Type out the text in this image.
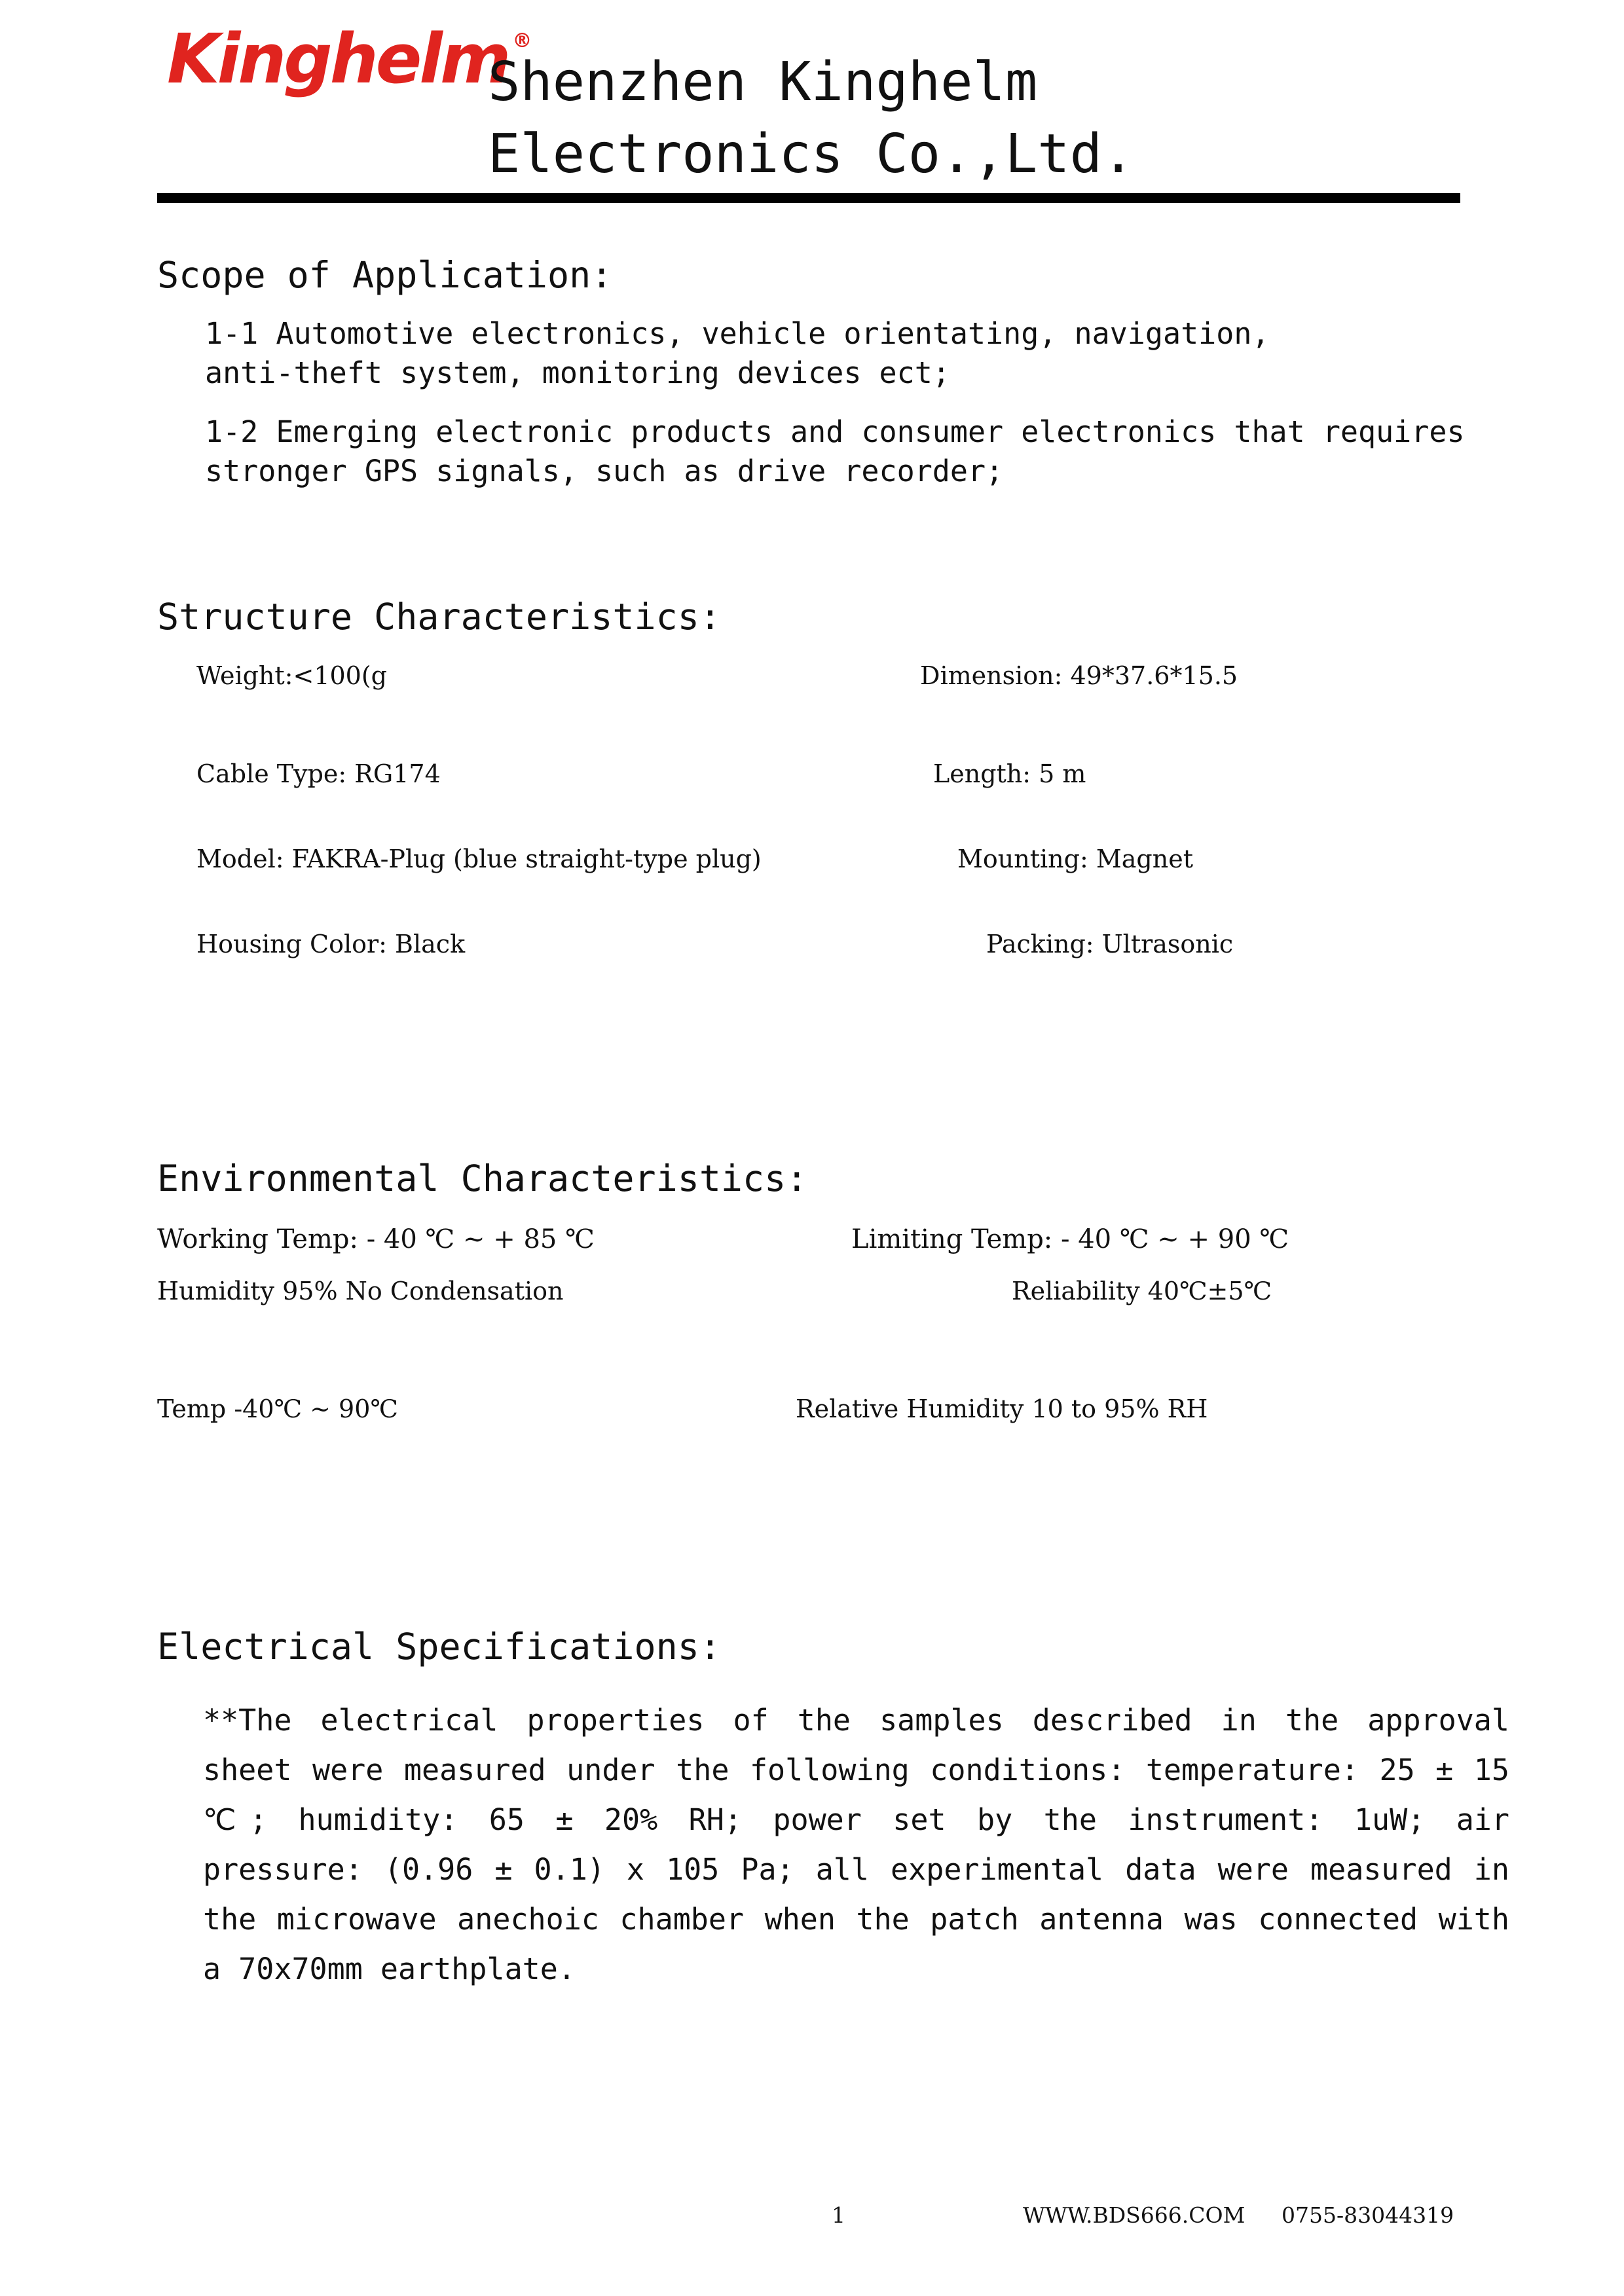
Kinghelm ®
Shenzhen Kinghelm
Electronics Co.,Ltd.
Scope of Application:
1-1 Automotive electronics, vehicle orientating, navigation,
anti-theft system, monitoring devices ect;
1-2 Emerging electronic products and consumer electronics that requires
stronger GPS signals, such as drive recorder;
Structure Characteristics:
Weight:<100(g	Dimension: 49*37.6*15.5
Cable Type: RG174	Length: 5 m
Model: FAKRA-Plug (blue straight-type plug)	Mounting: Magnet
Housing Color: Black	Packing: Ultrasonic
Environmental Characteristics:
Working Temp: - 40 ℃ ~ + 85 ℃	Limiting Temp: - 40 ℃ ~ + 90 ℃
Humidity 95% No Condensation	Reliability 40℃±5℃
Temp -40℃ ~ 90℃	Relative Humidity 10 to 95% RH
Electrical Specifications:
**The electrical properties of the samples described in the approval sheet were measured under the following conditions: temperature: 25 ± 15 ℃; humidity: 65 ± 20% RH; power set by the instrument: 1uW; air pressure: (0.96 ± 0.1) x 105 Pa; all experimental data were measured in the microwave anechoic chamber when the patch antenna was connected with a 70x70mm earthplate.
1	WWW.BDS666.COM 0755-83044319
